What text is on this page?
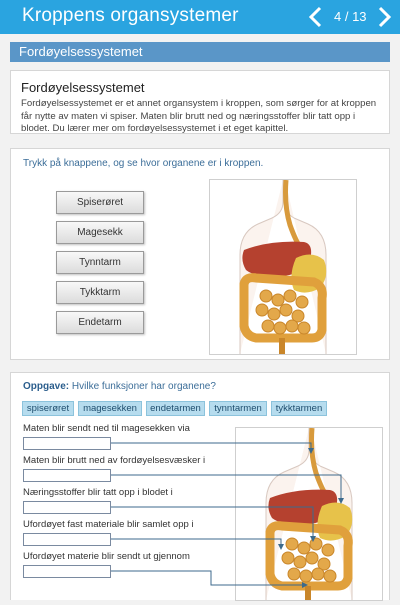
Kroppens organsystemer	4 / 13
Fordøyelsessystemet
Fordøyelsessystemet

Fordøyelsessystemet er et annet organsystem i kroppen, som sørger for at kroppen får nytte av maten vi spiser. Maten blir brutt ned og næringsstoffer blir tatt opp i blodet. Du lærer mer om fordøyelsessystemet i et eget kapittel.

Trykk på knappene, og se hvor organene er i kroppen.
Spiserøret
Magesekk
Tynntarm
Tykktarm
Endetarm
Oppgave: Hvilke funksjoner har organene?
spiserøret	magesekken	endetarmen	tynntarmen	tykktarmen
Maten blir sendt ned til magesekken via
Maten blir brutt ned av fordøyelsesvæsker i
Næringsstoffer blir tatt opp i blodet i
Ufordøyet fast materiale blir samlet opp i
Ufordøyet materie blir sendt ut gjennom
